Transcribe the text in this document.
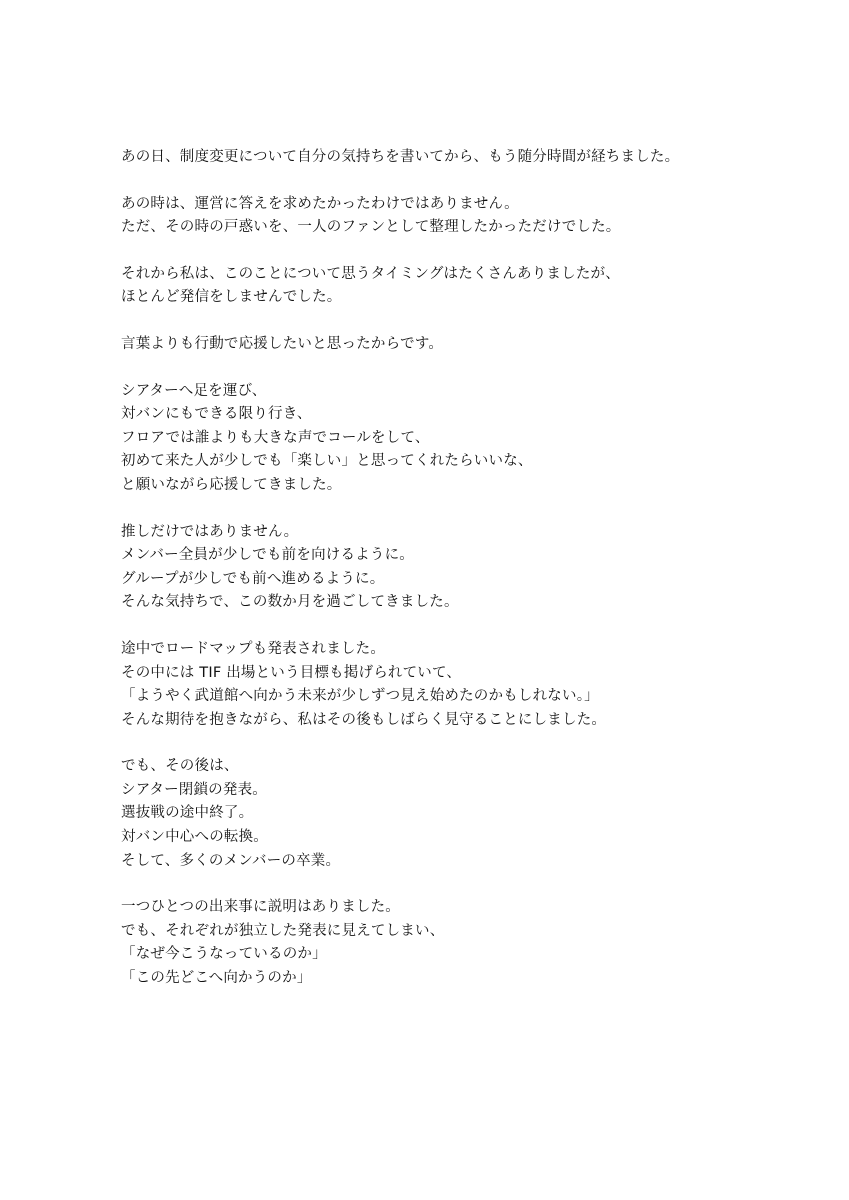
あの日、制度変更について自分の気持ちを書いてから、もう随分時間が経ちました。
あの時は、運営に答えを求めたかったわけではありません。
ただ、その時の戸惑いを、一人のファンとして整理したかっただけでした。
それから私は、このことについて思うタイミングはたくさんありましたが、
ほとんど発信をしませんでした。
言葉よりも行動で応援したいと思ったからです。
シアターへ足を運び、
対バンにもできる限り行き、
フロアでは誰よりも大きな声でコールをして、
初めて来た人が少しでも「楽しい」と思ってくれたらいいな、
と願いながら応援してきました。
推しだけではありません。
メンバー全員が少しでも前を向けるように。
グループが少しでも前へ進めるように。
そんな気持ちで、この数か月を過ごしてきました。
途中でロードマップも発表されました。
その中には TIF 出場という目標も掲げられていて、
「ようやく武道館へ向かう未来が少しずつ見え始めたのかもしれない。」
そんな期待を抱きながら、私はその後もしばらく見守ることにしました。
でも、その後は、
シアター閉鎖の発表。
選抜戦の途中終了。
対バン中心への転換。
そして、多くのメンバーの卒業。
一つひとつの出来事に説明はありました。
でも、それぞれが独立した発表に見えてしまい、
「なぜ今こうなっているのか」
「この先どこへ向かうのか」
